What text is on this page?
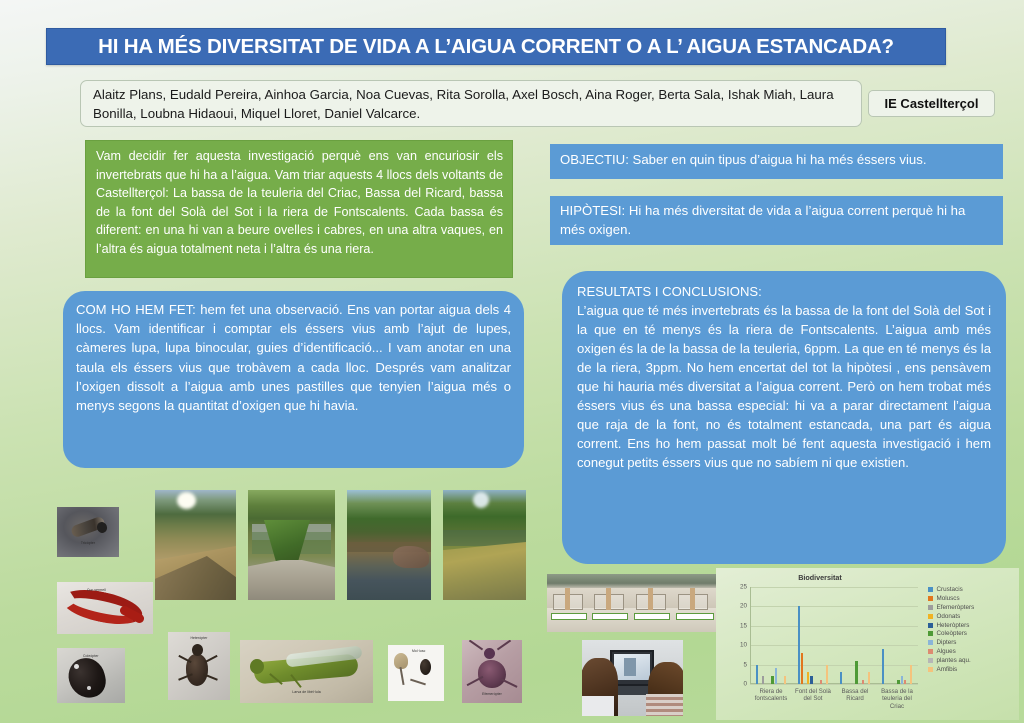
HI HA MÉS DIVERSITAT DE VIDA A L’AIGUA CORRENT O A L’ AIGUA ESTANCADA?
Alaitz Plans, Eudald Pereira, Ainhoa Garcia, Noa Cuevas, Rita Sorolla, Axel Bosch, Aina Roger, Berta Sala, Ishak Miah, Laura Bonilla, Loubna Hidaoui, Miquel Lloret, Daniel Valcarce.
IE Castellterçol

Vam decidir fer aquesta investigació perquè ens van encuriosir els invertebrats que hi ha a l’aigua. Vam triar aquests 4 llocs dels voltants de Castellterçol: La bassa de la teuleria del Criac, Bassa del Ricard, bassa de la font del Solà del Sot i la riera de Fontscalents. Cada bassa és diferent: en una hi van a beure ovelles i cabres, en una altra vaques, en l’altra és aigua totalment neta i l’altra és una riera.

OBJECTIU: Saber en quin tipus d’aigua hi ha més éssers vius.

HIPÒTESI: Hi ha més diversitat de vida a l’aigua corrent perquè hi ha més oxigen.

COM HO HEM FET: hem fet una observació. Ens van portar aigua dels 4 llocs. Vam identificar i comptar els éssers vius amb l’ajut de lupes, càmeres lupa, lupa binocular, guies d’identificació... I vam anotar en una taula els éssers vius que trobàvem a cada lloc. Després vam analitzar l’oxigen dissolt a l’aigua amb unes pastilles que tenyien l’aigua més o menys segons la quantitat d’oxigen que hi havia.

RESULTATS I CONCLUSIONS:
L’aigua que té més invertebrats és la bassa de la font del Solà del Sot i la que en té menys és la riera de Fontscalents. L’aigua amb més oxigen és la de la bassa de la teuleria, 6ppm. La que en té menys és la de la riera, 3ppm. No hem encertat del tot la hipòtesi , ens pensàvem que hi hauria més diversitat a l’aigua corrent. Però on hem trobat més éssers vius és una bassa especial: hi va a parar directament l’aigua que raja de la font, no és totalment estancada, una part és aigua corrent. Ens ho hem passat molt bé fent aquesta investigació i hem conegut petits éssers vius que no sabíem ni que existien.

Tricòpter
Cuc vermell
Coleòpter
Heteròpter
Larva de libèl·lula
Mol·lusc
Efemeròpter
Biodiversitat
0
5
10
15
20
25
Riera de fontscalents
Font del Solà del Sot
Bassa del Ricard
Bassa de la teuleria del Criac
Crustacis
Moluscs
Efemeròpters
Odonats
Heteròpters
Coleòpters
Dipters
Algues
plantes aqu.
Amfibis
